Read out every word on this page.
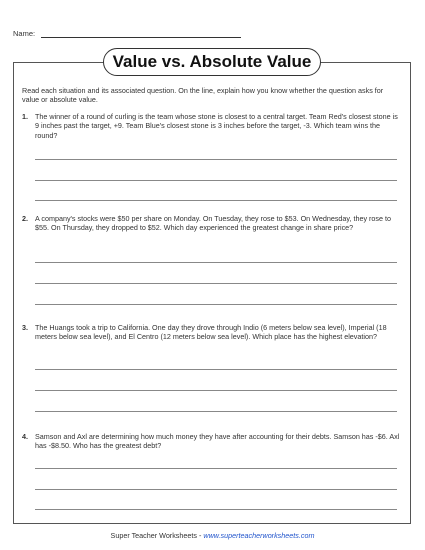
Name:
Value vs. Absolute Value
Read each situation and its associated question. On the line, explain how you know whether the question asks for value or absolute value.
1. The winner of a round of curling is the team whose stone is closest to a central target. Team Red's closest stone is 9 inches past the target, +9. Team Blue's closest stone is 3 inches before the target, -3. Which team wins the round?
2. A company's stocks were $50 per share on Monday. On Tuesday, they rose to $53. On Wednesday, they rose to $55. On Thursday, they dropped to $52. Which day experienced the greatest change in share price?
3. The Huangs took a trip to California. One day they drove through Indio (6 meters below sea level), Imperial (18 meters below sea level), and El Centro (12 meters below sea level). Which place has the highest elevation?
4. Samson and Axl are determining how much money they have after accounting for their debts. Samson has -$6. Axl has -$8.50. Who has the greatest debt?
Super Teacher Worksheets - www.superteacherworksheets.com
